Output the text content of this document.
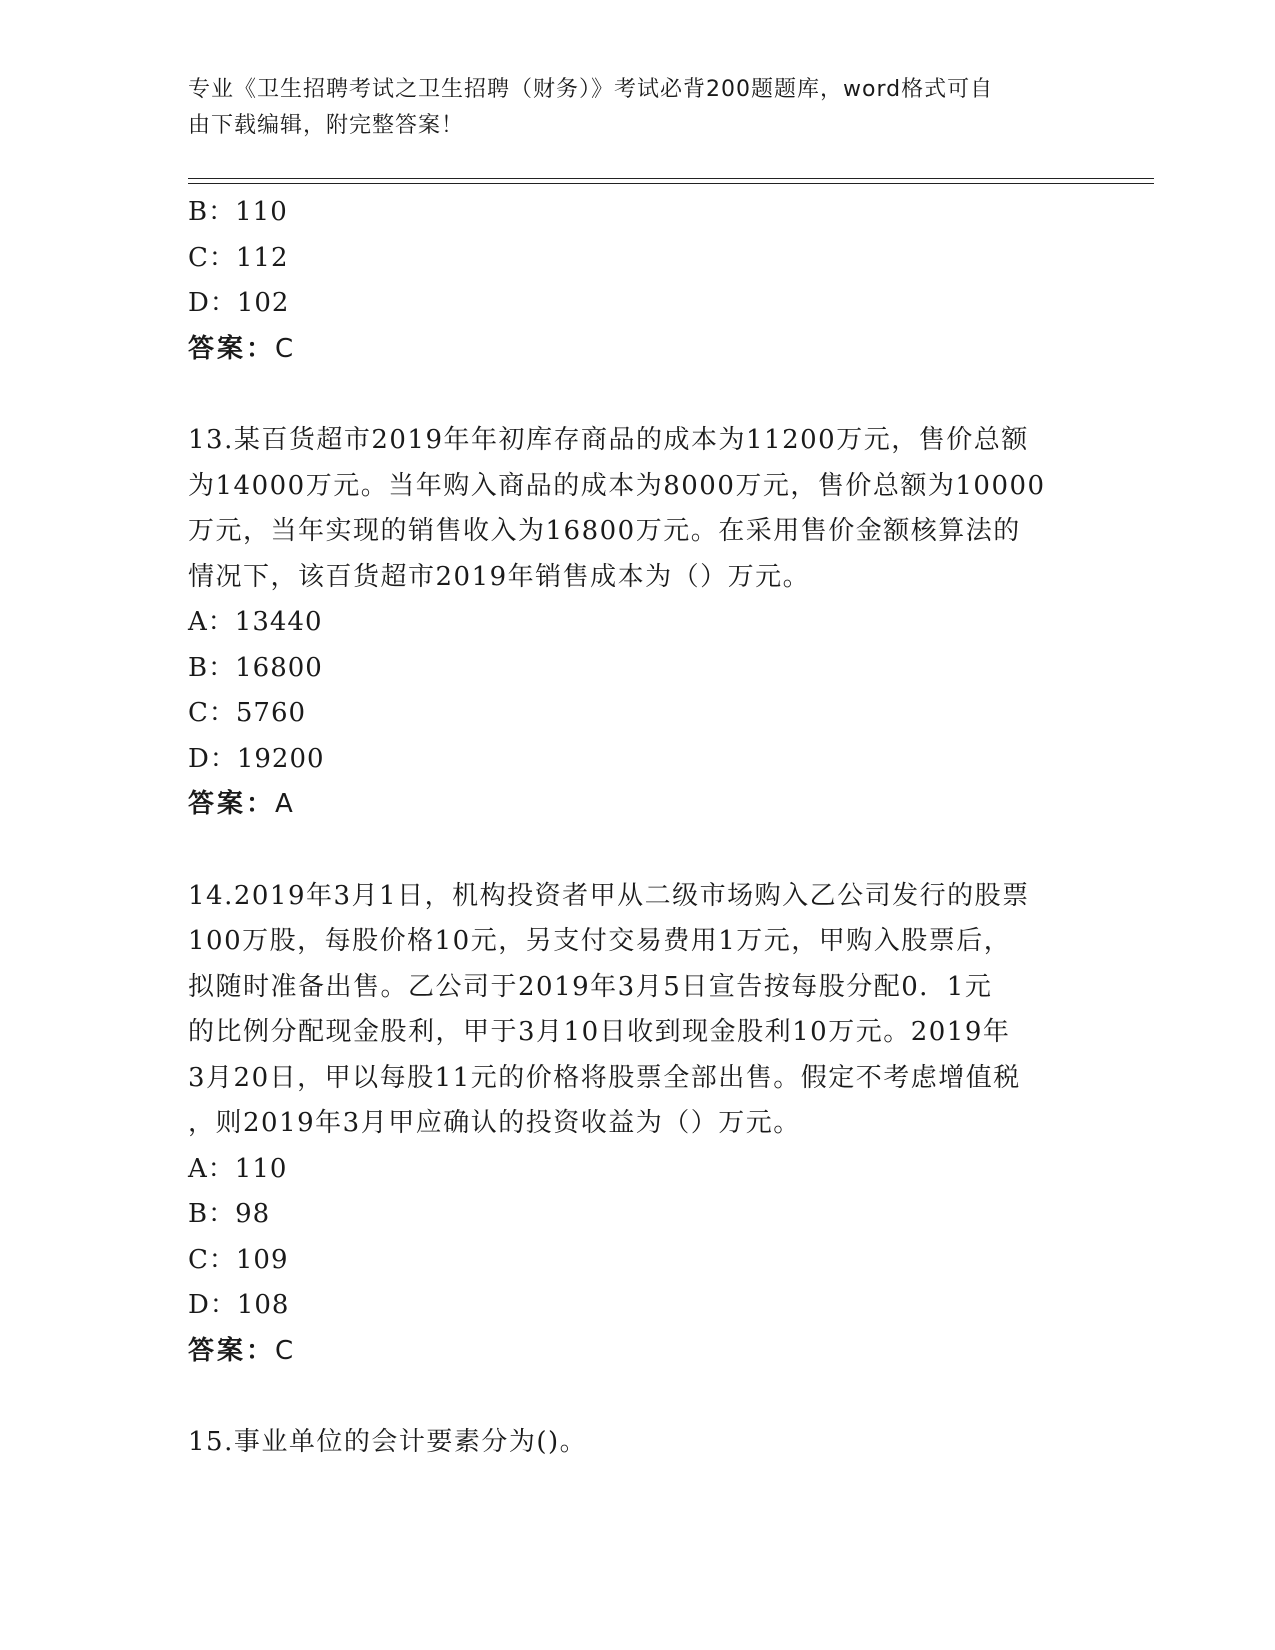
专业《卫生招聘考试之卫生招聘（财务）》考试必背200题题库，word格式可自
由下载编辑，附完整答案！
B：110
C：112
D：102
答案：C
13.某百货超市2019年年初库存商品的成本为11200万元，售价总额
为14000万元。当年购入商品的成本为8000万元，售价总额为10000
万元，当年实现的销售收入为16800万元。在采用售价金额核算法的
情况下，该百货超市2019年销售成本为（）万元。
A：13440
B：16800
C：5760
D：19200
答案：A
14.2019年3月1日，机构投资者甲从二级市场购入乙公司发行的股票
100万股，每股价格10元，另支付交易费用1万元，甲购入股票后，
拟随时准备出售。乙公司于2019年3月5日宣告按每股分配0．1元
的比例分配现金股利，甲于3月10日收到现金股利10万元。2019年
3月20日，甲以每股11元的价格将股票全部出售。假定不考虑增值税
，则2019年3月甲应确认的投资收益为（）万元。
A：110
B：98
C：109
D：108
答案：C
15.事业单位的会计要素分为()。
